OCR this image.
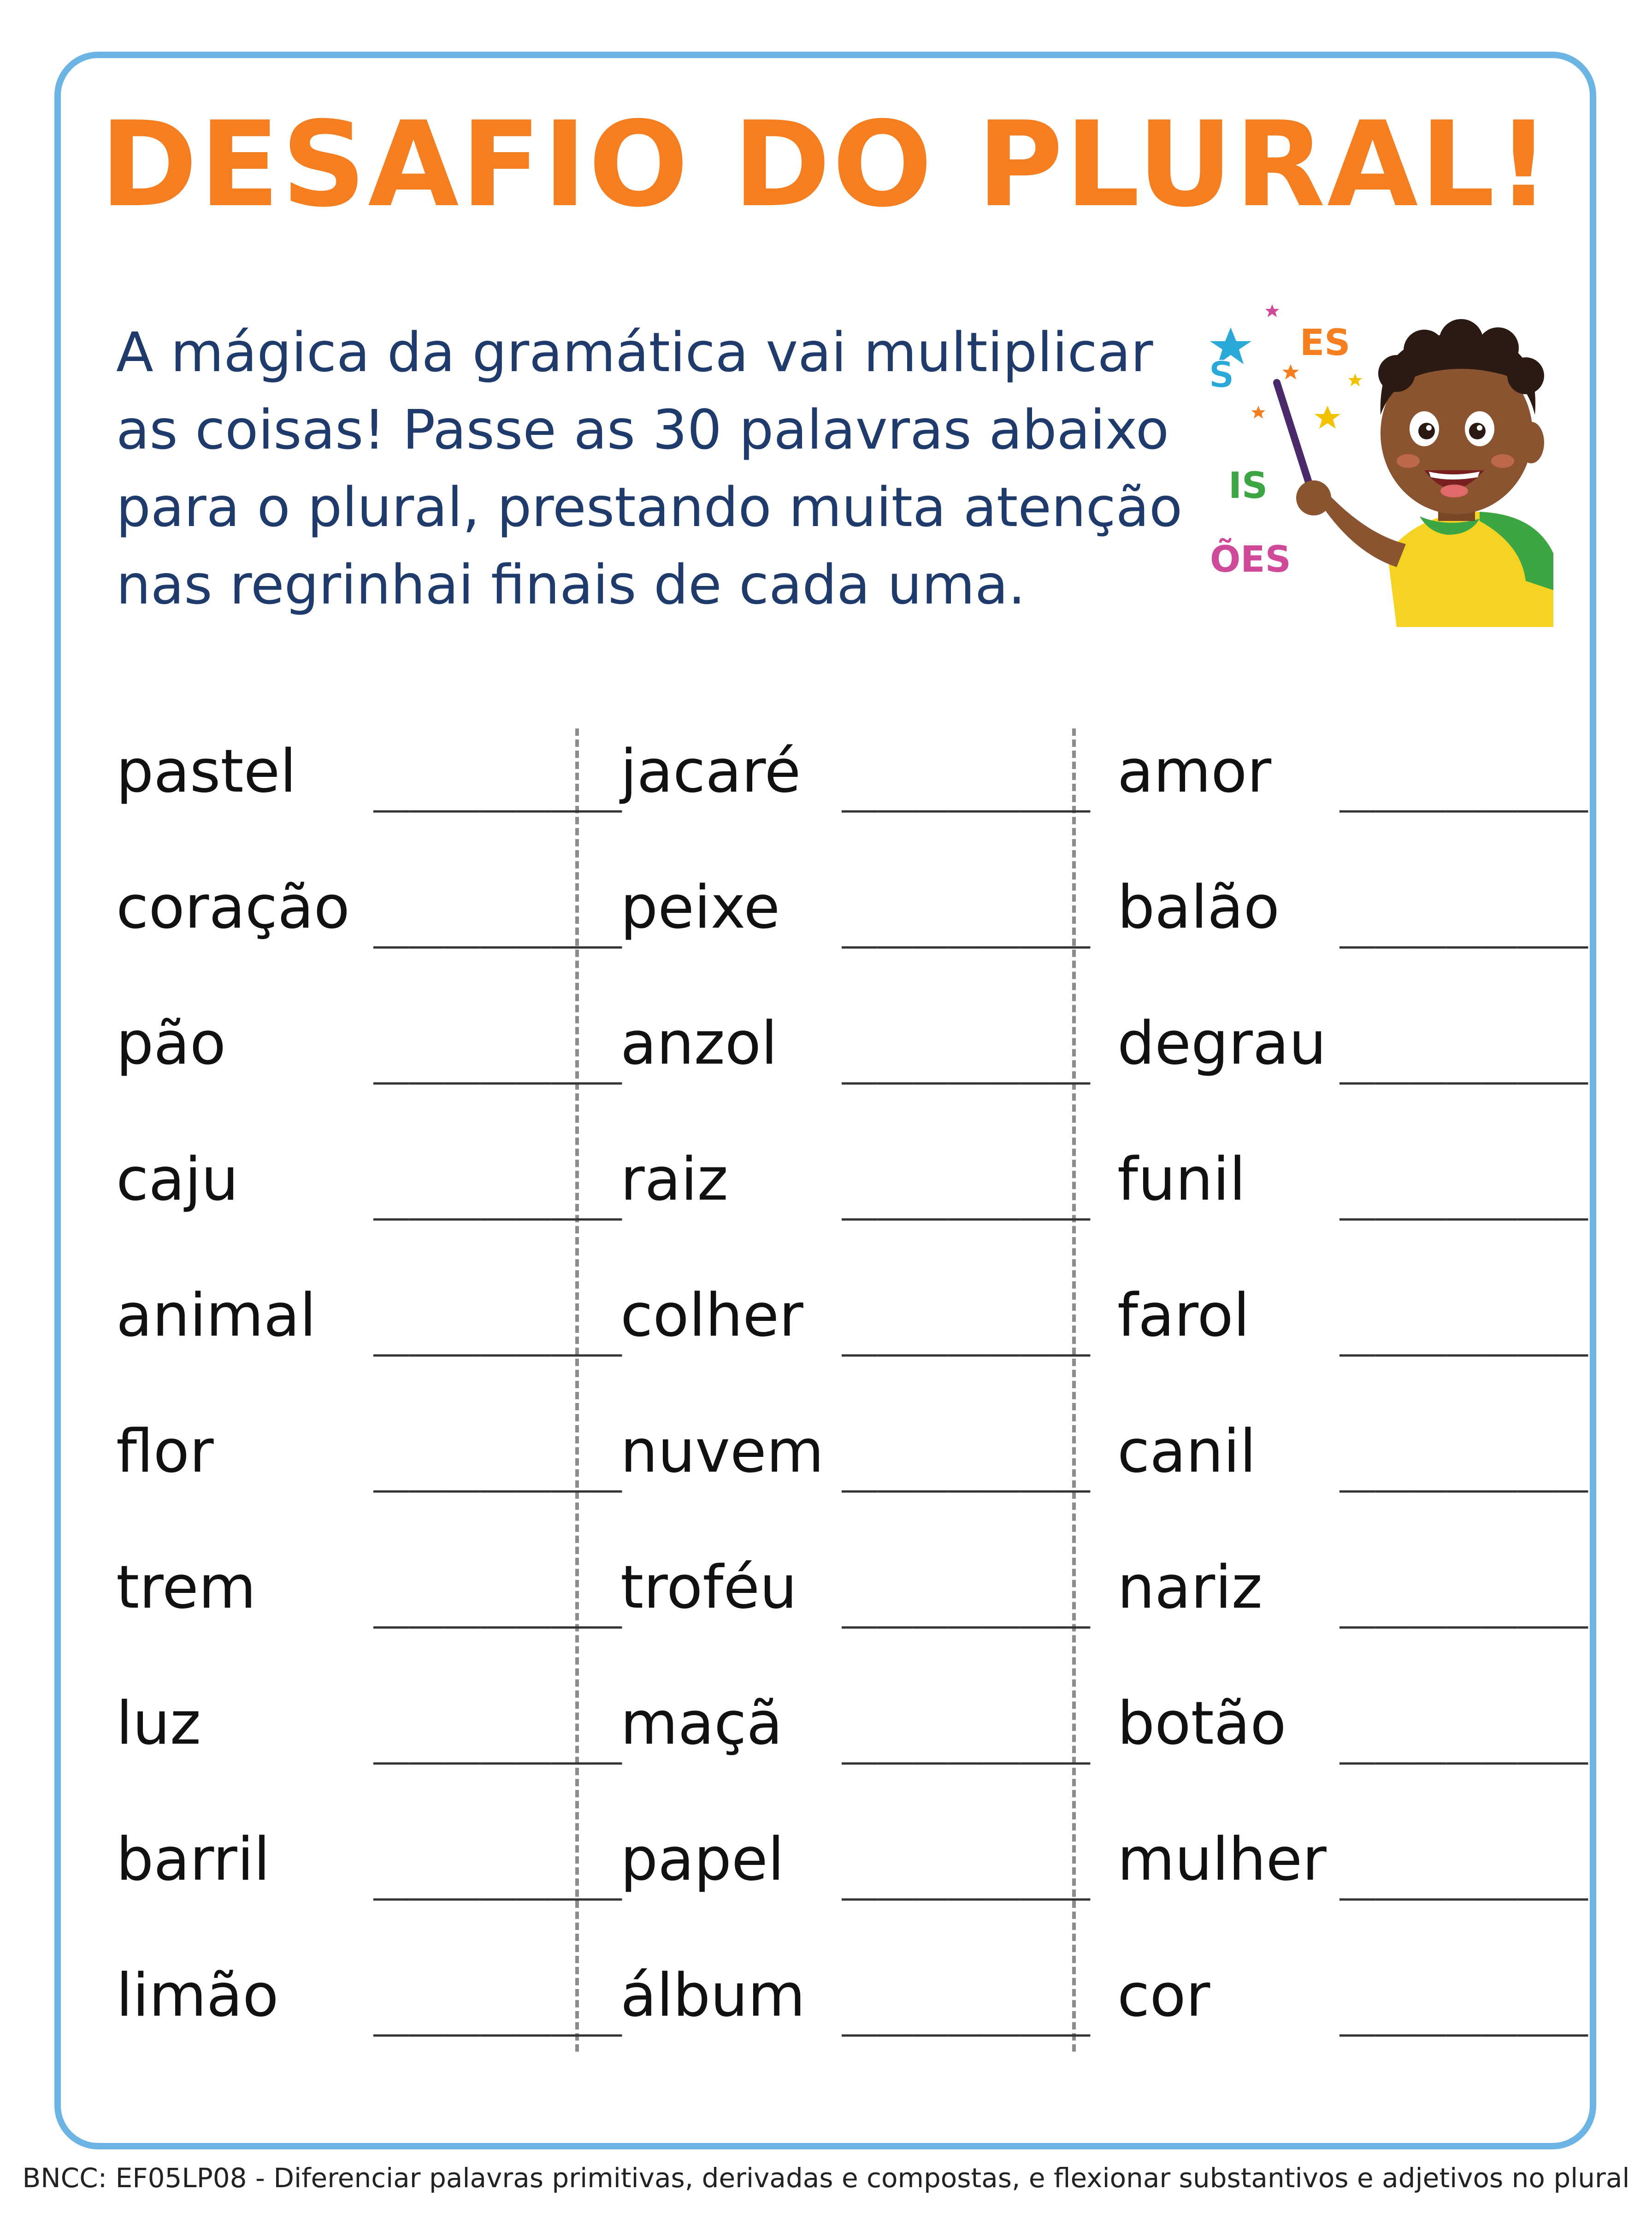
DESAFIO DO PLURAL!
A mágica da gramática vai multiplicar
as coisas! Passe as 30 palavras abaixo
para o plural, prestando muita atenção
nas regrinhai finais de cada uma.
S
ES
IS
ÕES
pastel _______
coração _______
pão	_______
caju _______
animal _______
flor	_______
trem _______
luz	_______
barril _______
limão _______
jacaré _______
peixe _______
anzol _______
raiz _______
colher _______
nuvem _______
troféu _______
maçã _______
papel _______
álbum _______
amor _______
balão _______
degrau _______
funil _______
farol _______
canil _______
nariz _______
botão _______
mulher _______
cor _______
BNCC: EF05LP08 - Diferenciar palavras primitivas, derivadas e compostas, e flexionar substantivos e adjetivos no plural
